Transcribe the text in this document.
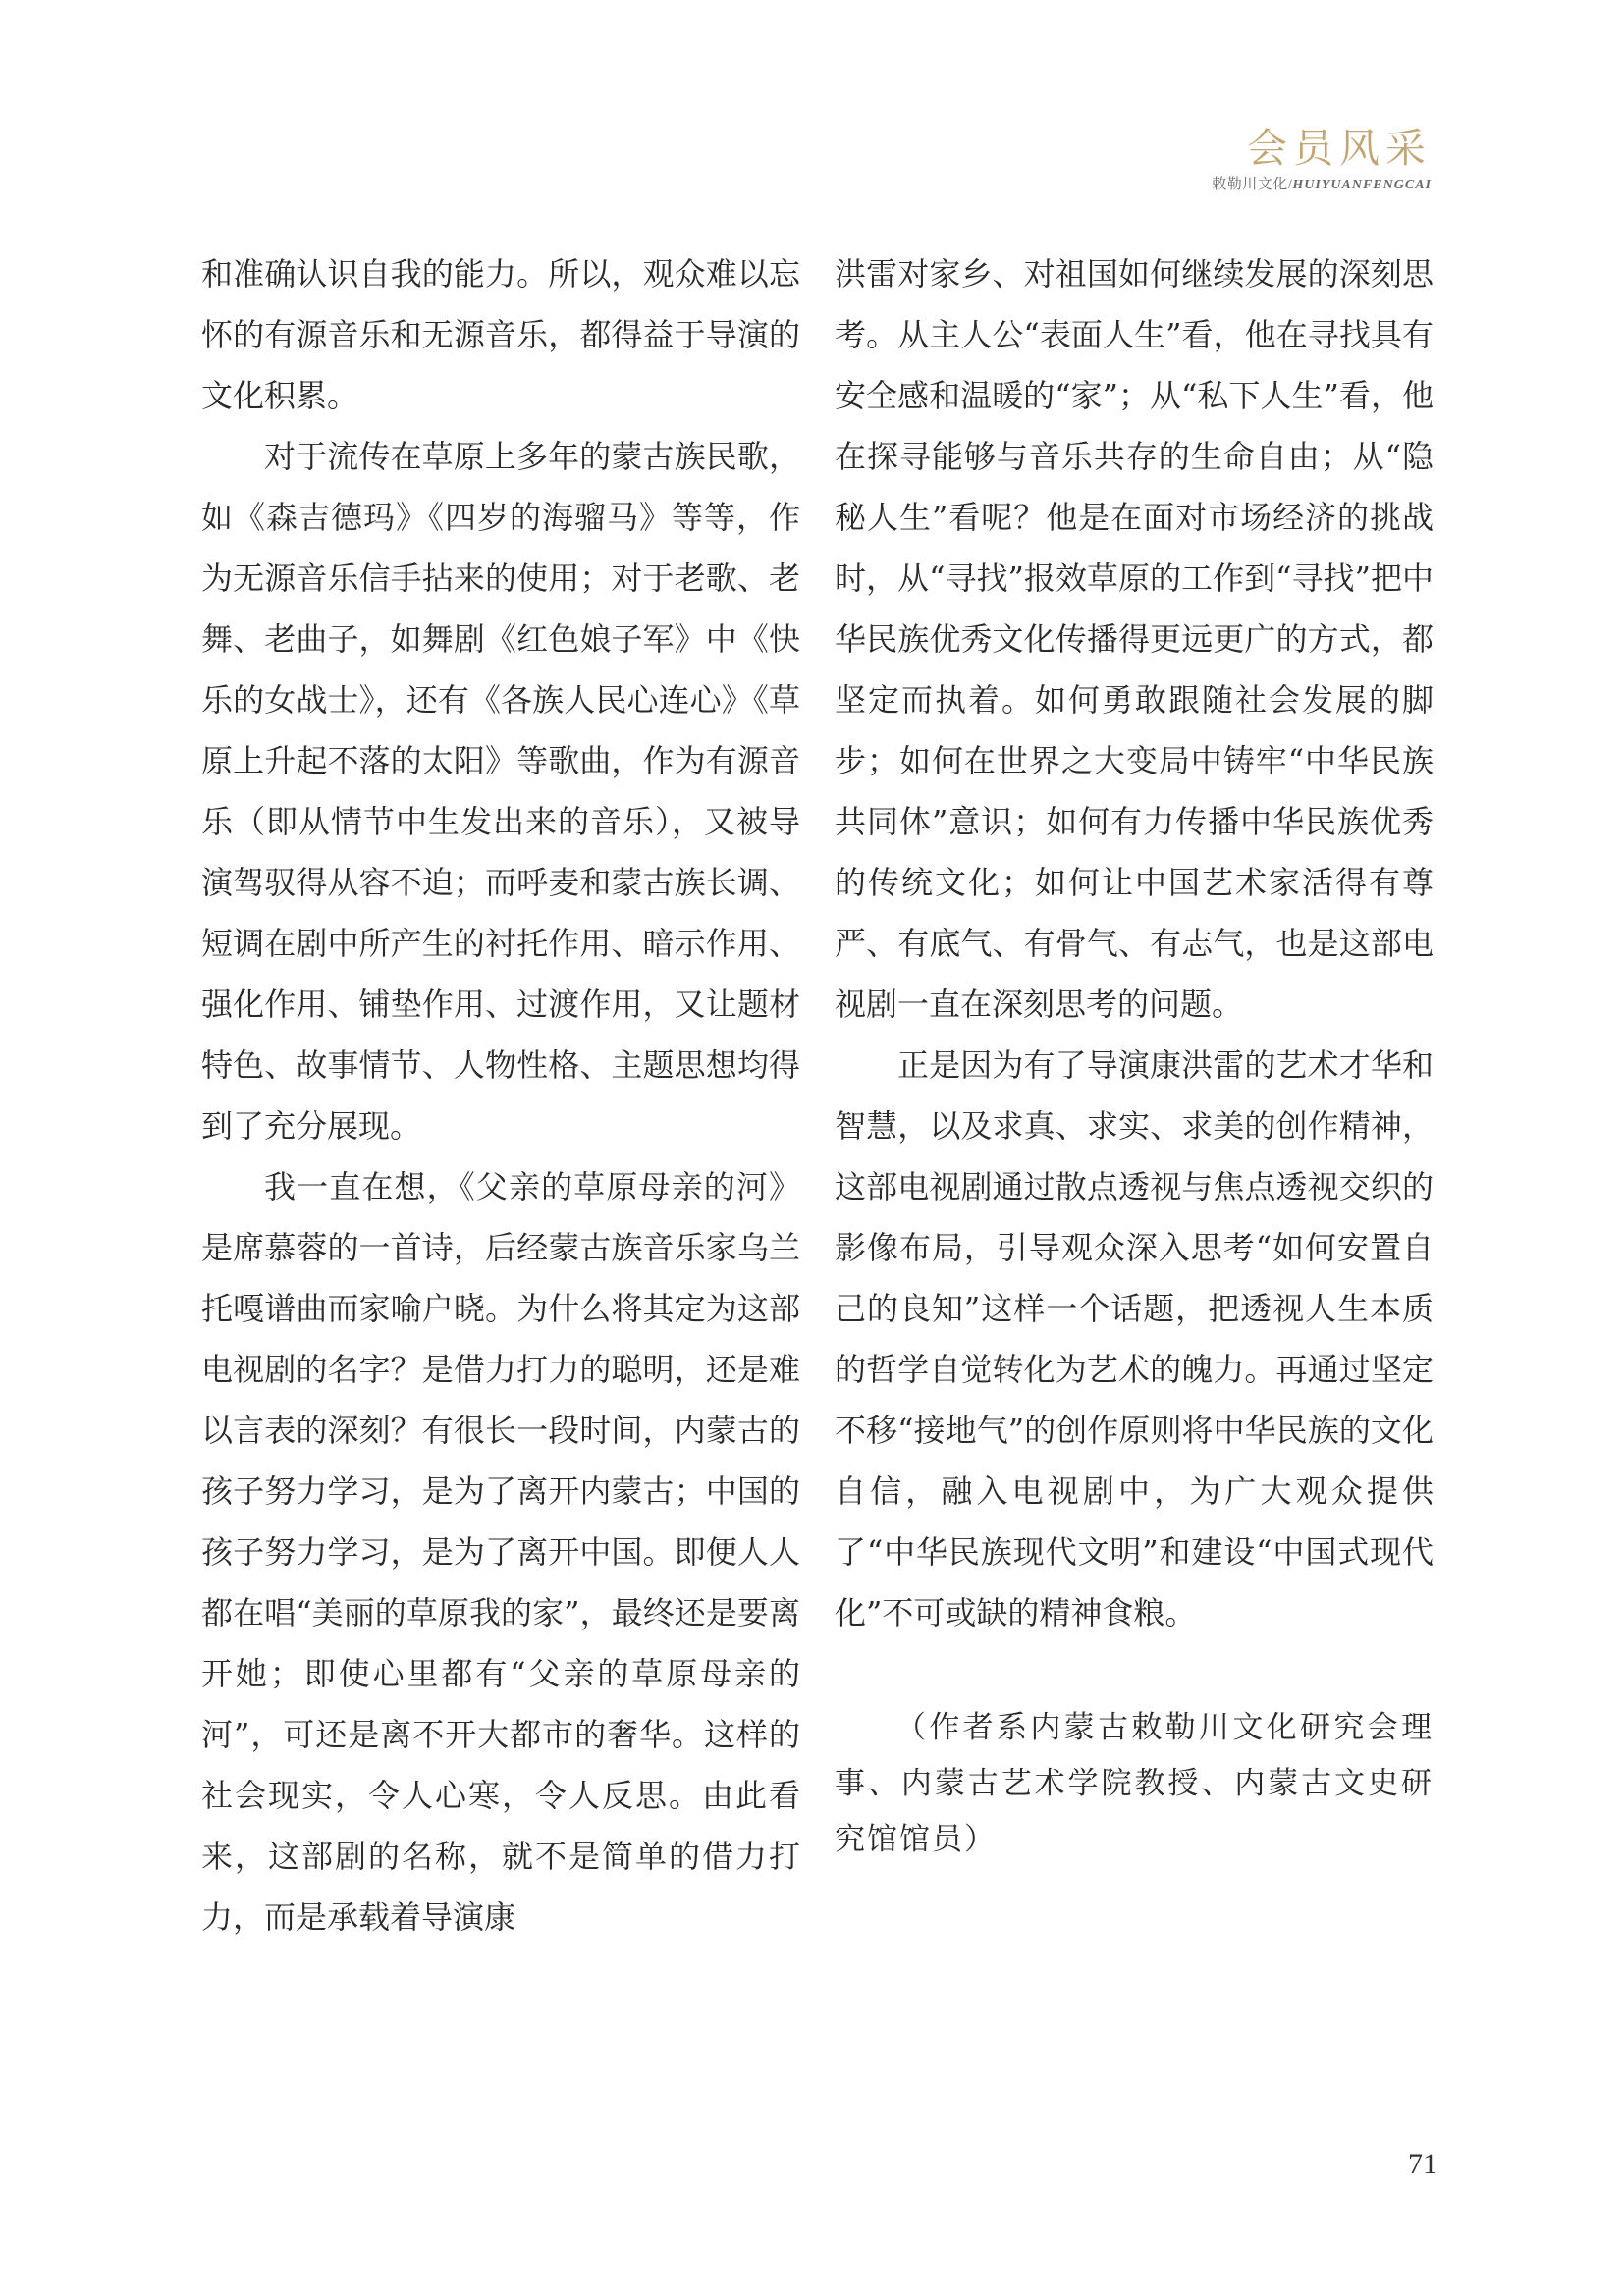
会员风采
敕勒川文化/HUIYUANFENGCAI

和准确认识自我的能力。所以，观众难以忘怀的有源音乐和无源音乐，都得益于导演的文化积累。

对于流传在草原上多年的蒙古族民歌，如《森吉德玛》《四岁的海骝马》等等，作为无源音乐信手拈来的使用；对于老歌、老舞、老曲子，如舞剧《红色娘子军》中《快乐的女战士》，还有《各族人民心连心》《草原上升起不落的太阳》等歌曲，作为有源音乐（即从情节中生发出来的音乐），又被导演驾驭得从容不迫；而呼麦和蒙古族长调、短调在剧中所产生的衬托作用、暗示作用、强化作用、铺垫作用、过渡作用，又让题材特色、故事情节、人物性格、主题思想均得到了充分展现。

我一直在想，《父亲的草原母亲的河》是席慕蓉的一首诗，后经蒙古族音乐家乌兰托嘎谱曲而家喻户晓。为什么将其定为这部电视剧的名字？是借力打力的聪明，还是难以言表的深刻？有很长一段时间，内蒙古的孩子努力学习，是为了离开内蒙古；中国的孩子努力学习，是为了离开中国。即便人人都在唱“美丽的草原我的家”，最终还是要离开她；即使心里都有“父亲的草原母亲的河”，可还是离不开大都市的奢华。这样的社会现实，令人心寒，令人反思。由此看来，这部剧的名称，就不是简单的借力打力，而是承载着导演康

洪雷对家乡、对祖国如何继续发展的深刻思考。从主人公“表面人生”看，他在寻找具有安全感和温暖的“家”；从“私下人生”看，他在探寻能够与音乐共存的生命自由；从“隐秘人生”看呢？他是在面对市场经济的挑战时，从“寻找”报效草原的工作到“寻找”把中华民族优秀文化传播得更远更广的方式，都坚定而执着。如何勇敢跟随社会发展的脚步；如何在世界之大变局中铸牢“中华民族共同体”意识；如何有力传播中华民族优秀的传统文化；如何让中国艺术家活得有尊严、有底气、有骨气、有志气，也是这部电视剧一直在深刻思考的问题。

正是因为有了导演康洪雷的艺术才华和智慧，以及求真、求实、求美的创作精神，这部电视剧通过散点透视与焦点透视交织的影像布局，引导观众深入思考“如何安置自己的良知”这样一个话题，把透视人生本质的哲学自觉转化为艺术的魄力。再通过坚定不移“接地气”的创作原则将中华民族的文化自信，融入电视剧中，为广大观众提供了“中华民族现代文明”和建设“中国式现代化”不可或缺的精神食粮。

（作者系内蒙古敕勒川文化研究会理事、内蒙古艺术学院教授、内蒙古文史研究馆馆员）

71
